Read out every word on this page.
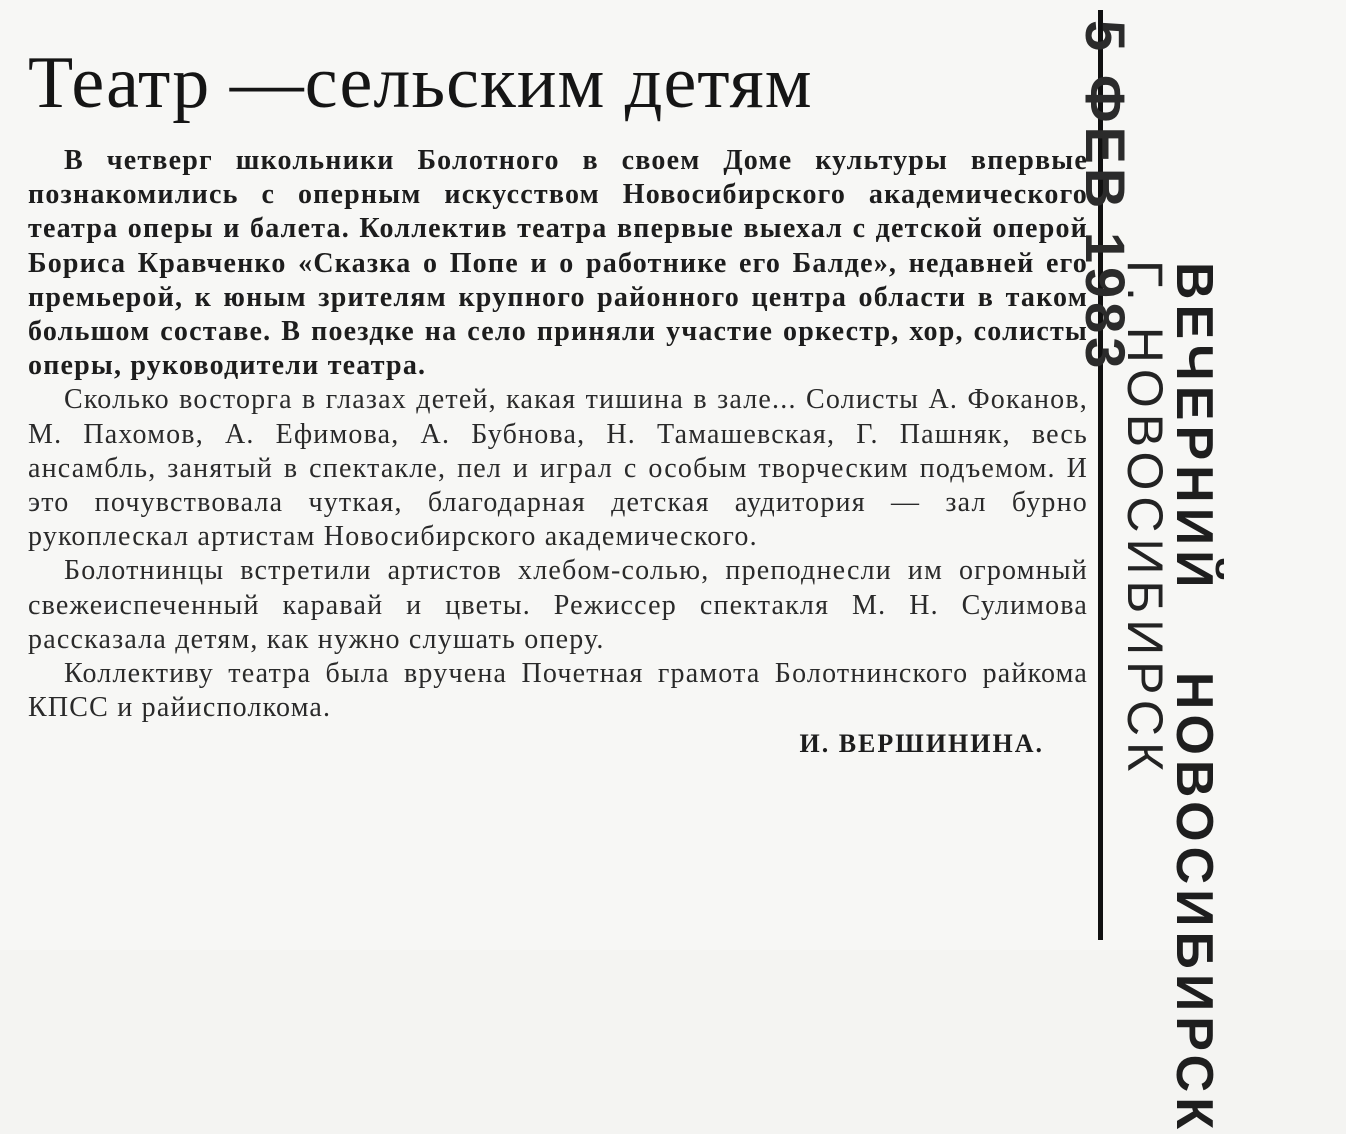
Театр —сельским детям

В четверг школьники Болотного в своем Доме культуры впервые познакомились с оперным искусством Новосибирского академического театра оперы и балета. Коллектив театра впервые выехал с детской оперой Бориса Кравченко «Сказка о Попе и о работнике его Балде», недавней его премьерой, к юным зрителям крупного районного центра области в таком большом составе. В поездке на село приняли участие оркестр, хор, солисты оперы, руководители театра.

Сколько восторга в глазах детей, какая тишина в зале... Солисты А. Фоканов, М. Пахомов, А. Ефимова, А. Бубнова, Н. Тамашевская, Г. Пашняк, весь ансамбль, занятый в спектакле, пел и играл с особым творческим подъемом. И это почувствовала чуткая, благодарная детская аудитория — зал бурно рукоплескал артистам Новосибирского академического.

Болотнинцы встретили артистов хлебом-солью, преподнесли им огромный свежеиспеченный каравай и цветы. Режиссер спектакля М. Н. Сулимова рассказала детям, как нужно слушать оперу.

Коллективу театра была вручена Почетная грамота Болотнинского райкома КПСС и райисполкома.

И. ВЕРШИНИНА.
5 ФЕВ 1983
Г. НОВОСИБИРСК
ВЕЧЕРНИЙ НОВОСИБИРСК
